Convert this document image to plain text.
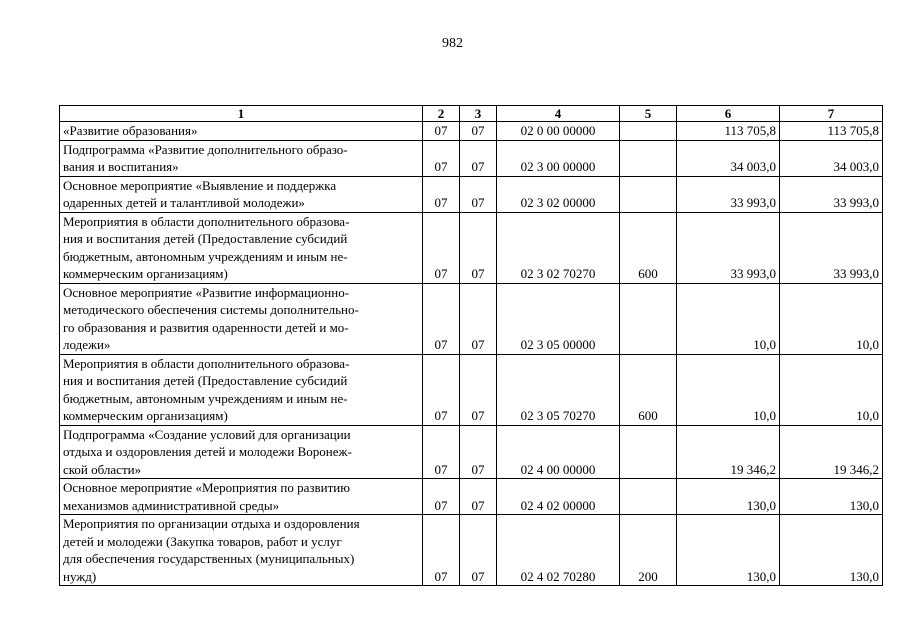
982
1	2	3	4	5	6	7

«Развитие образования»	07	07	02 0 00 00000		113 705,8	113 705,8

Подпрограмма «Развитие дополнительного образо-
вания и воспитания»	07	07	02 3 00 00000		34 003,0	34 003,0

Основное мероприятие «Выявление и поддержка
одаренных детей и талантливой молодежи»	07	07	02 3 02 00000		33 993,0	33 993,0

Мероприятия в области дополнительного образова-
ния и воспитания детей (Предоставление субсидий
бюджетным, автономным учреждениям и иным не-
коммерческим организациям)	07	07	02 3 02 70270	600	33 993,0	33 993,0

Основное мероприятие «Развитие информационно-
методического обеспечения системы дополнительно-
го образования и развития одаренности детей и мо-
лодежи»	07	07	02 3 05 00000		10,0	10,0

Мероприятия в области дополнительного образова-
ния и воспитания детей (Предоставление субсидий
бюджетным, автономным учреждениям и иным не-
коммерческим организациям)	07	07	02 3 05 70270	600	10,0	10,0

Подпрограмма «Создание условий для организации
отдыха и оздоровления детей и молодежи Воронеж-
ской области»	07	07	02 4 00 00000		19 346,2	19 346,2

Основное мероприятие «Мероприятия по развитию
механизмов административной среды»	07	07	02 4 02 00000		130,0	130,0

Мероприятия по организации отдыха и оздоровления
детей и молодежи (Закупка товаров, работ и услуг
для обеспечения государственных (муниципальных)
нужд)	07	07	02 4 02 70280	200	130,0	130,0
